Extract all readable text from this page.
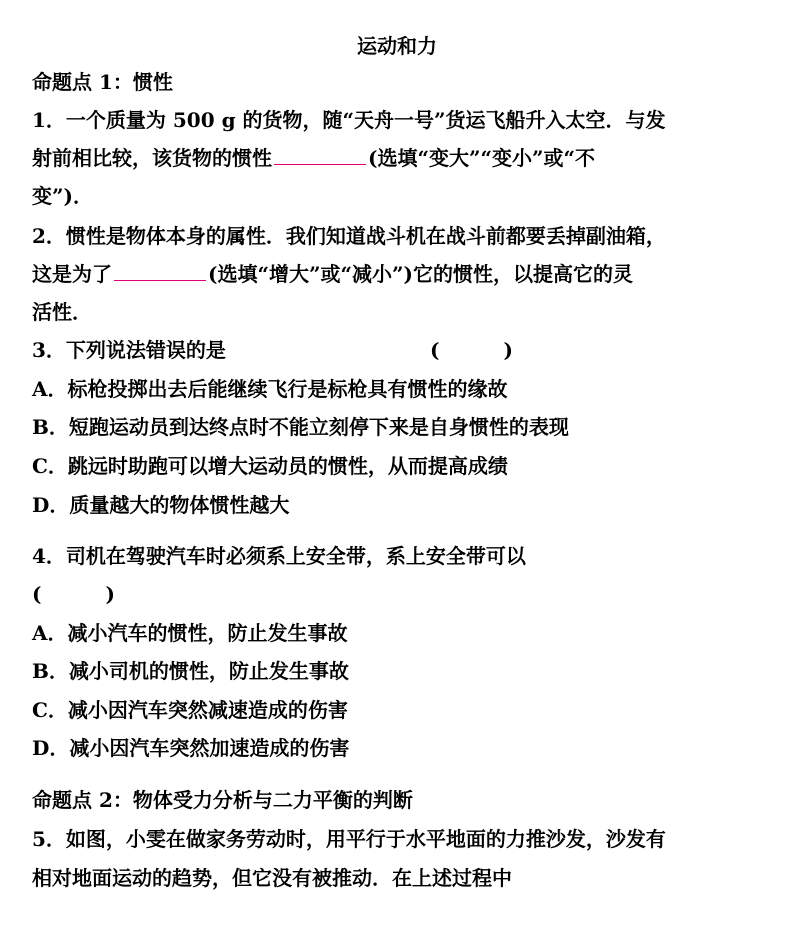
运动和力
命题点 1：惯性
1．一个质量为 500 g 的货物，随“天舟一号”货运飞船升入太空．与发
射前相比较，该货物的惯性	(选填“变大”“变小”或“不
变”)．
2．惯性是物体本身的属性．我们知道战斗机在战斗前都要丢掉副油箱，
这是为了	(选填“增大”或“减小”)它的惯性，以提高它的灵
活性．
3．下列说法错误的是	(	)
A．标枪投掷出去后能继续飞行是标枪具有惯性的缘故
B．短跑运动员到达终点时不能立刻停下来是自身惯性的表现
C．跳远时助跑可以增大运动员的惯性，从而提高成绩
D．质量越大的物体惯性越大
4．司机在驾驶汽车时必须系上安全带，系上安全带可以
(	)
A．减小汽车的惯性，防止发生事故
B．减小司机的惯性，防止发生事故
C．减小因汽车突然减速造成的伤害
D．减小因汽车突然加速造成的伤害
命题点 2：物体受力分析与二力平衡的判断
5．如图，小雯在做家务劳动时，用平行于水平地面的力推沙发，沙发有
相对地面运动的趋势，但它没有被推动．在上述过程中
